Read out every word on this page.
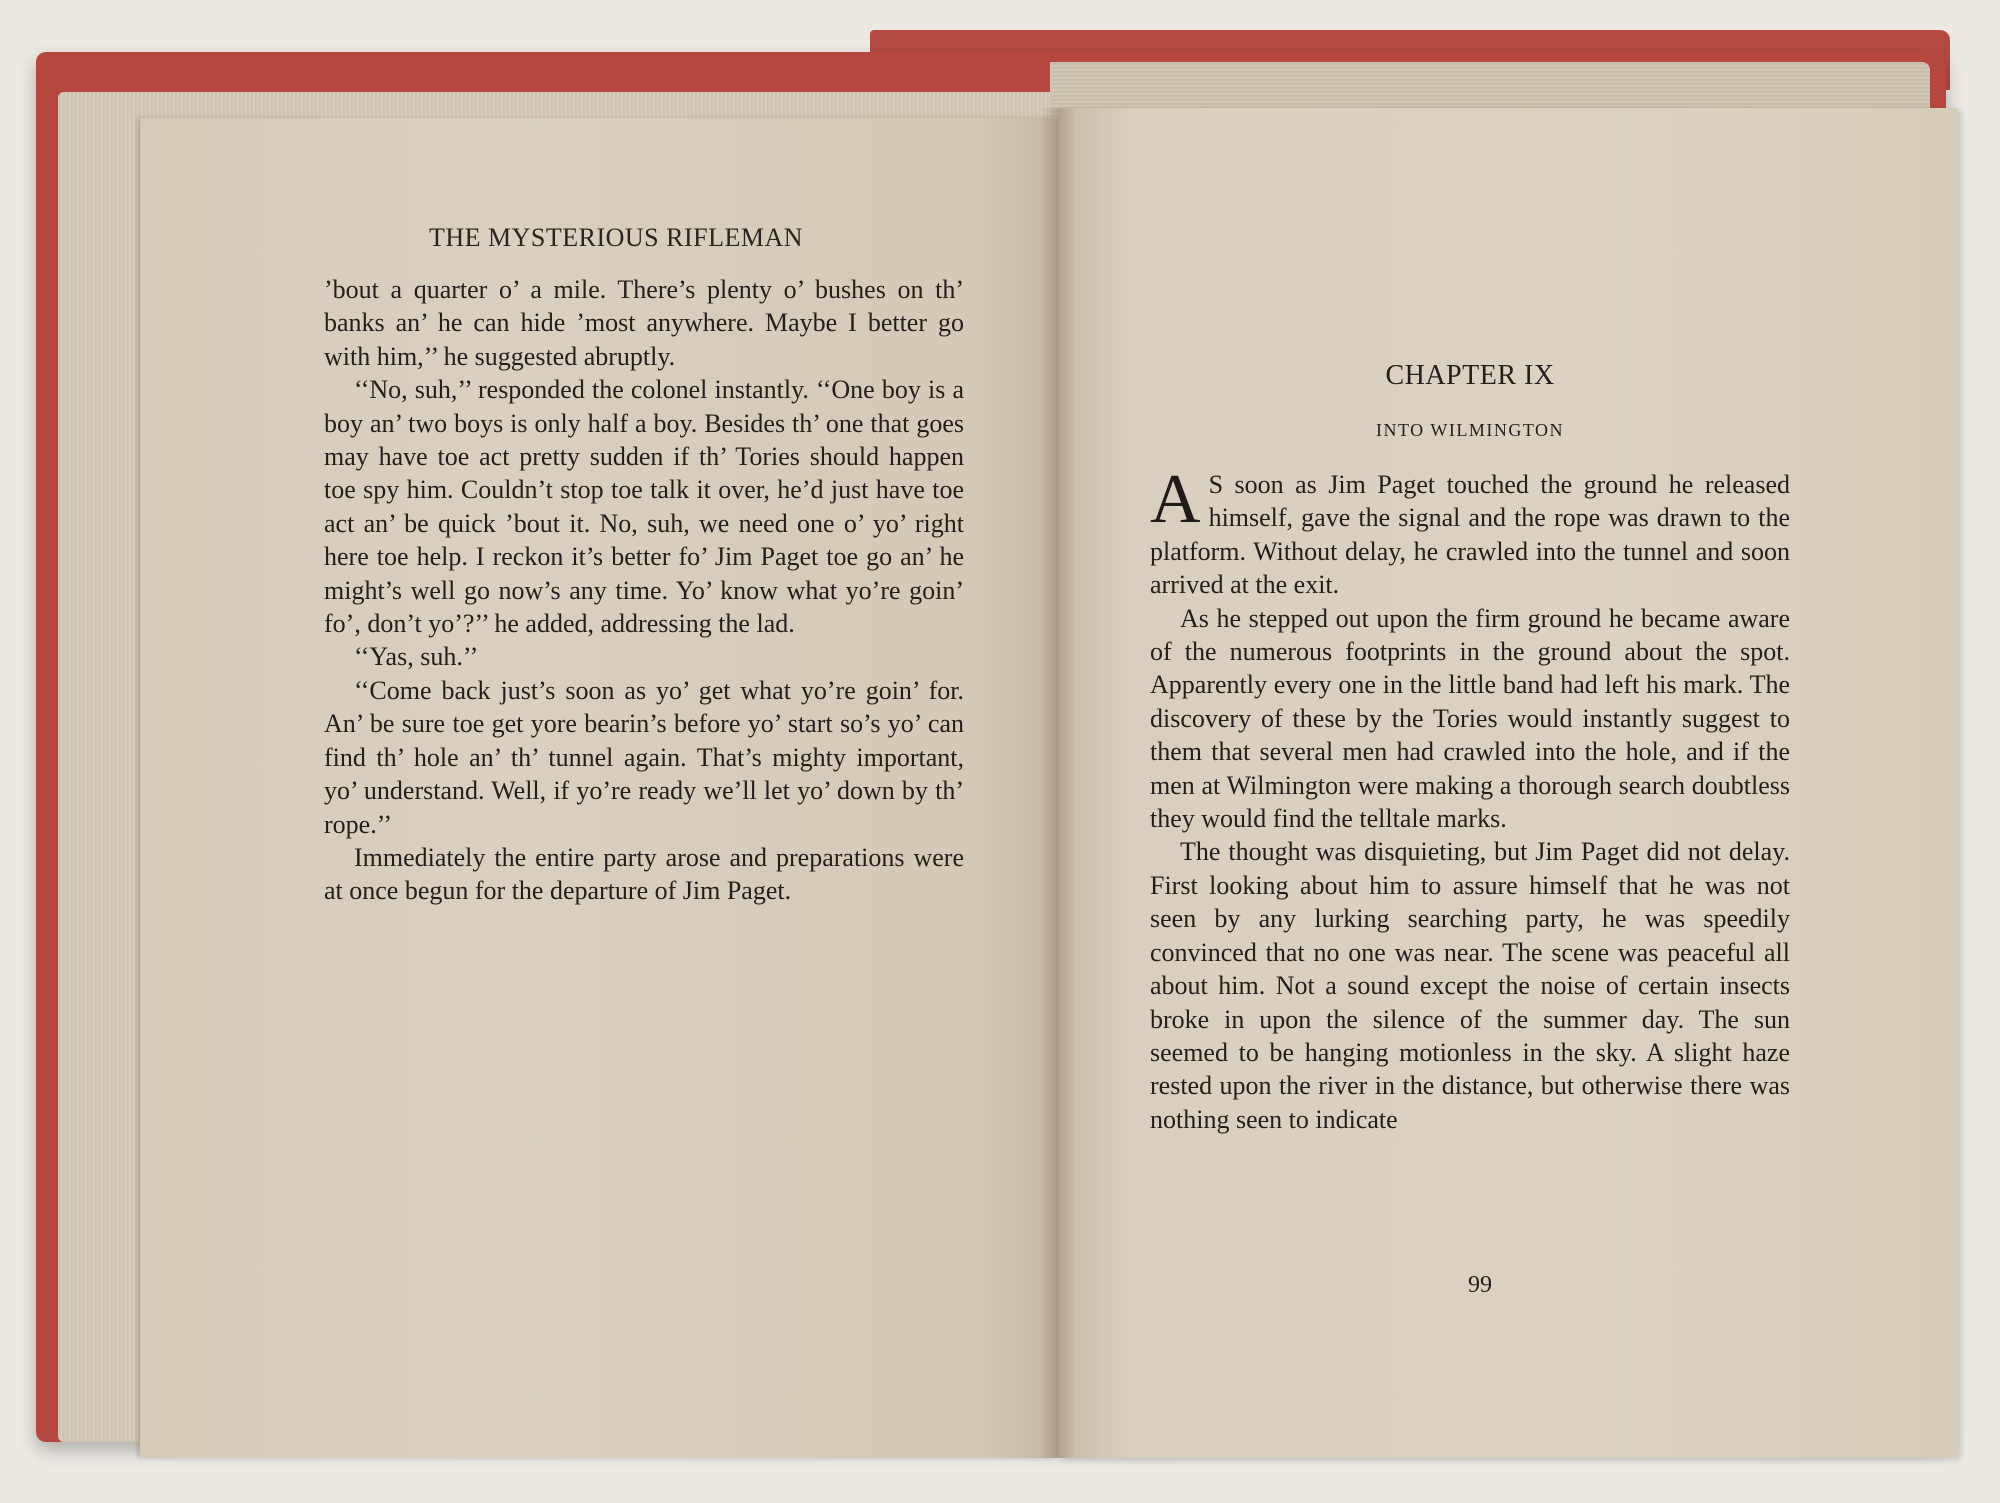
THE MYSTERIOUS RIFLEMAN

’bout a quarter o’ a mile. There’s plenty o’ bushes on th’ banks an’ he can hide ’most anywhere. Maybe I better go with him,’’ he suggested abruptly.

‘‘No, suh,’’ responded the colonel instantly. ‘‘One boy is a boy an’ two boys is only half a boy. Besides th’ one that goes may have toe act pretty sudden if th’ Tories should happen toe spy him. Couldn’t stop toe talk it over, he’d just have toe act an’ be quick ’bout it. No, suh, we need one o’ yo’ right here toe help. I reckon it’s better fo’ Jim Paget toe go an’ he might’s well go now’s any time. Yo’ know what yo’re goin’ fo’, don’t yo’?’’ he added, addressing the lad.

‘‘Yas, suh.’’

‘‘Come back just’s soon as yo’ get what yo’re goin’ for. An’ be sure toe get yore bearin’s before yo’ start so’s yo’ can find th’ hole an’ th’ tunnel again. That’s mighty important, yo’ understand. Well, if yo’re ready we’ll let yo’ down by th’ rope.’’

Immediately the entire party arose and preparations were at once begun for the departure of Jim Paget.

CHAPTER IX
INTO WILMINGTON

A S soon as Jim Paget touched the ground he released himself, gave the signal and the rope was drawn to the platform. Without delay, he crawled into the tunnel and soon arrived at the exit.

As he stepped out upon the firm ground he became aware of the numerous footprints in the ground about the spot. Apparently every one in the little band had left his mark. The discovery of these by the Tories would instantly suggest to them that several men had crawled into the hole, and if the men at Wilmington were making a thorough search doubtless they would find the telltale marks.

The thought was disquieting, but Jim Paget did not delay. First looking about him to assure himself that he was not seen by any lurking searching party, he was speedily convinced that no one was near. The scene was peaceful all about him. Not a sound except the noise of certain insects broke in upon the silence of the summer day. The sun seemed to be hanging motionless in the sky. A slight haze rested upon the river in the distance, but otherwise there was nothing seen to indicate

99
